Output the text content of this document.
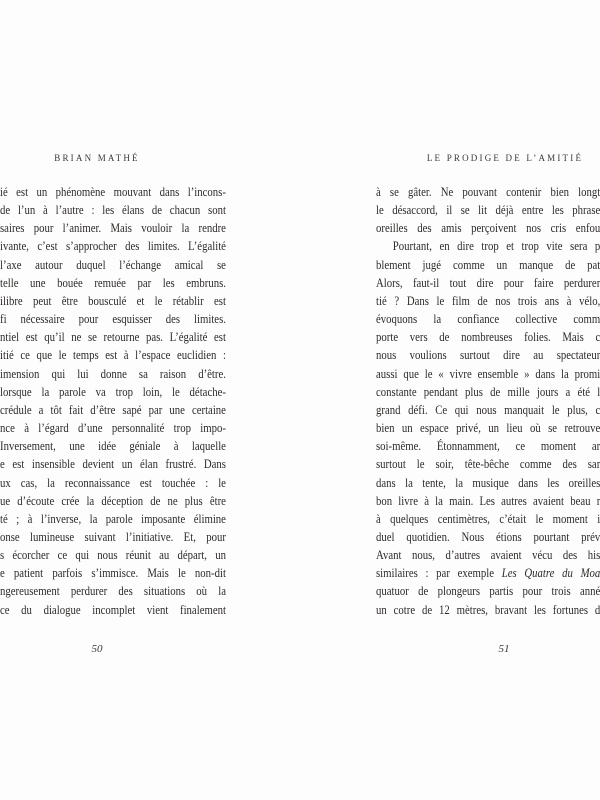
BRIAN MATHÉ	LE PRODIGE DE L’AMITIÉ
ié est un phénomène mouvant dans l’incons-
de l’un à l’autre : les élans de chacun sont
saires pour l’animer. Mais vouloir la rendre
ivante, c’est s’approcher des limites. L’égalité
l’axe autour duquel l’échange amical se
telle une bouée remuée par les embruns.
ilibre peut être bousculé et le rétablir est
fi nécessaire pour esquisser des limites.
ntiel est qu’il ne se retourne pas. L’égalité est
itié ce que le temps est à l’espace euclidien :
imension qui lui donne sa raison d’être.
lorsque la parole va trop loin, le détache-
crédule a tôt fait d’être sapé par une certaine
nce à l’égard d’une personnalité trop impo-
Inversement, une idée géniale à laquelle
e est insensible devient un élan frustré. Dans
ux cas, la reconnaissance est touchée : le
ue d’écoute crée la déception de ne plus être
té ; à l’inverse, la parole imposante élimine
onse lumineuse suivant l’initiative. Et, pour
s écorcher ce qui nous réunit au départ, un
e patient parfois s’immisce. Mais le non-dit
ngereusement perdurer des situations où la
ce du dialogue incomplet vient finalement
à se gâter. Ne pouvant contenir bien longt
le désaccord, il se lit déjà entre les phrase
oreilles des amis perçoivent nos cris enfou
Pourtant, en dire trop et trop vite sera p
blement jugé comme un manque de pat
Alors, faut-il tout dire pour faire perdurer
tié ? Dans le film de nos trois ans à vélo,
évoquons la confiance collective comm
porte vers de nombreuses folies. Mais c
nous voulions surtout dire au spectateur
aussi que le « vivre ensemble » dans la promi
constante pendant plus de mille jours a été l
grand défi. Ce qui nous manquait le plus, c
bien un espace privé, un lieu où se retrouve
soi-même. Étonnamment, ce moment ar
surtout le soir, tête-bêche comme des sar
dans la tente, la musique dans les oreilles
bon livre à la main. Les autres avaient beau r
à quelques centimètres, c’était le moment i
duel quotidien. Nous étions pourtant prév
Avant nous, d’autres avaient vécu des his
similaires : par exemple Les Quatre du Moa
quatuor de plongeurs partis pour trois anné
un cotre de 12 mètres, bravant les fortunes d
50	51
